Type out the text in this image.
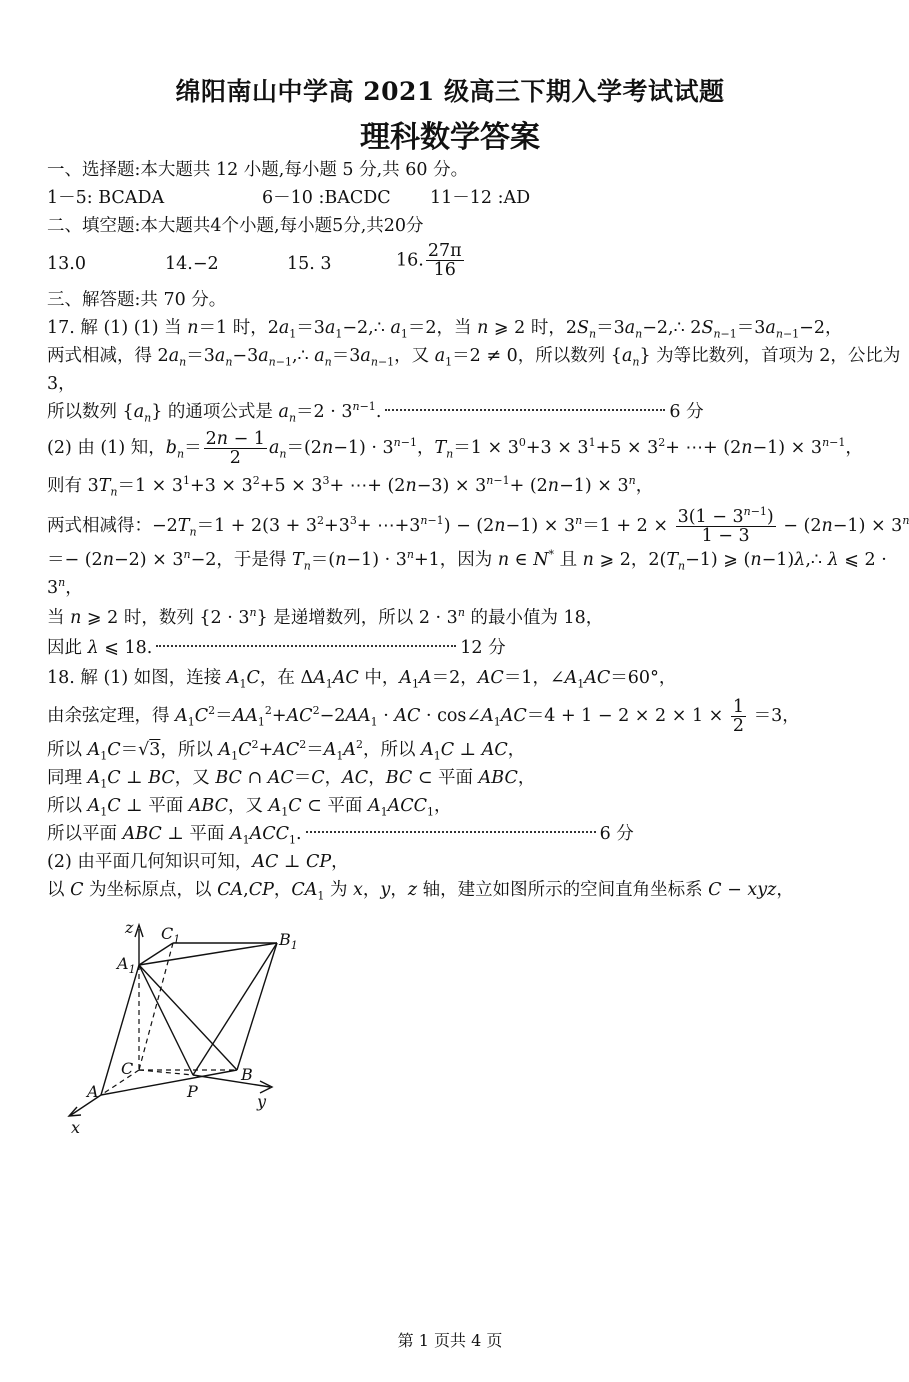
绵阳南山中学高 2021 级高三下期入学考试试题
理科数学答案
一、选择题:本大题共 12 小题,每小题 5 分,共 60 分。
1－5: BCADA	6－10 :BACDC 11－12 :AD
二、填空题:本大题共4个小题,每小题5分,共20分
13.0	14.−2	15. 3	16. $\frac{27\pi}{16}$
三、解答题:共 70 分。
17. 解 (1) (1) 当 n＝1 时，$2a_1=3a_1-2,\therefore$ $a_1=2$，当 n ⩾ 2 时，$2S_n=3a_n-2,\therefore$ $2S_{n-1}=3a_{n-1}-2$，
两式相减，得 $2a_n=3a_n-3a_{n-1},\therefore$ $a_n=3a_{n-1}$，又 $a_1=2 \ne 0$，所以数列 $\{a_n\}$ 为等比数列，首项为 2，公比为
3，
所以数列 $\{a_n\}$ 的通项公式是 $a_n=2 \cdot 3^{n-1}$.	6 分
(2) 由 (1) 知，$b_n= \frac{2n - 1}{2} a_n=(2n-1) \cdot 3^{n-1}$，$T_n=1 \times 3^0+3 \times 3^1+5 \times 3^2+$ ⋯+ $(2n-1) \times 3^{n-1}$，
则有 $3T_n=1 \times 3^1+3 \times 3^2+5 \times 3^3+$ ⋯+ $(2n-3) \times 3^{n-1}+ (2n-1) \times 3^n$，
两式相减得：$-2T_n=1 + 2(3 + 3^2+3^3+$ $\cdots+3^{n-1}) - (2n-1) \times 3^n=1 + 2 \times \frac{3(1 - 3^{n-1})}{1 - 3} - (2n-1) \times 3^n$
＝− $(2n-2) \times 3^n-2$，于是得 $T_n=(n-1) \cdot 3^n+1$，因为 n ∈ N* 且 n ⩾ 2，$2(T_n-1)$ ⩾ (n−1)λ,∴ λ ⩽ 2 ·
$3^n$，
当 n ⩾ 2 时，数列 $\{2 \cdot 3^n\}$ 是递增数列，所以 $2 \cdot 3^n$ 的最小值为 18，
因此 λ ⩽ 18.	12 分
18. 解 (1) 如图，连接 $A_1C$，在 $\Delta A_1AC$ 中，$A_1A=2$，AC＝1，$\angle A_1AC=60^\circ$，
由余弦定理，得 $A_1C^2=AA_1^2+AC^2-2AA_1$ · AC · $\cos\angle A_1AC=4 + 1 - 2 \times 2 \times 1 \times \frac{1}{2} =3$，
所以 $A_1C=√3$，所以 $A_1C^2+AC^2=A_1A^2$，所以 $A_1C$ ⊥ AC，
同理 $A_1C$ ⊥ BC，又 BC ∩ AC＝C，AC，BC ⊂ 平面 ABC，
所以 $A_1C$ ⊥ 平面 ABC，又 $A_1C$ ⊂ 平面 $A_1ACC_1$，
所以平面 ABC ⊥ 平面 $A_1ACC_1$.	6 分
(2) 由平面几何知识可知，AC ⊥ CP，
以 C 为坐标原点，以 CA,CP，$CA_1$ 为 x，y，z 轴，建立如图所示的空间直角坐标系 C − xyz，
z $C_1$	$B_1$
$A_1$
C	B
A	P
y
x
第 1 页共 4 页
